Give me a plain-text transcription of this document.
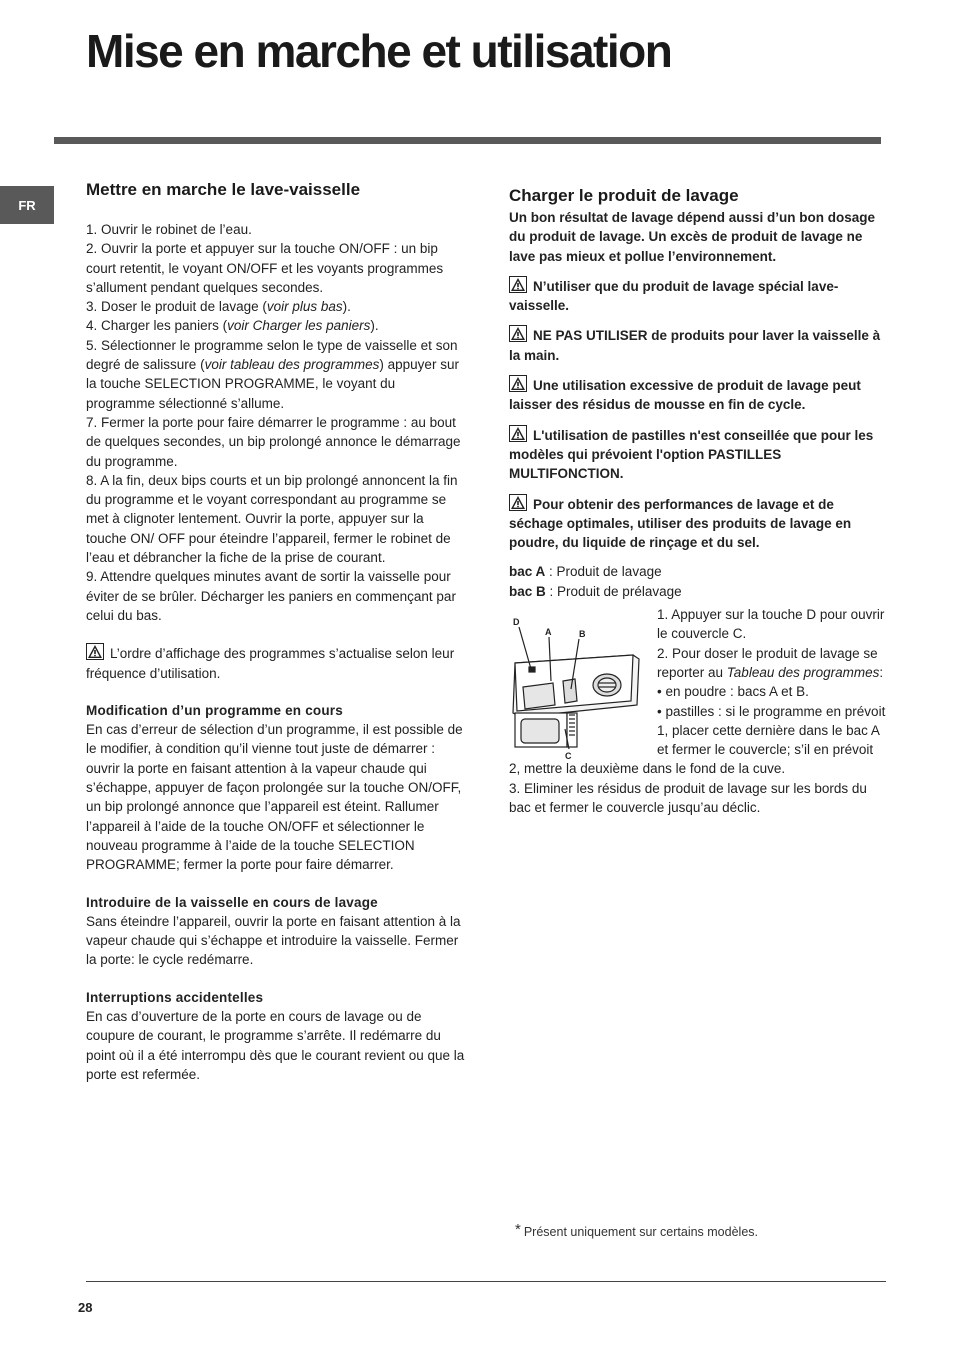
Mise en marche et utilisation
FR
Mettre en marche le lave-vaisselle

1. Ouvrir le robinet de l’eau.

2. Ouvrir la porte et appuyer sur la touche ON/OFF : un bip court retentit, le voyant ON/OFF et les voyants programmes s’allument pendant quelques secondes.

3. Doser le produit de lavage (voir plus bas).

4. Charger les paniers (voir Charger les paniers).

5. Sélectionner le programme selon le type de vaisselle et son degré de salissure (voir tableau des programmes) appuyer sur la touche SELECTION PROGRAMME, le voyant du programme sélectionné s’allume.

7. Fermer la porte pour faire démarrer le programme : au bout de quelques secondes, un bip prolongé annonce le démarrage du programme.

8. A la fin, deux bips courts et un bip prolongé annoncent la fin du programme et le voyant correspondant au programme se met à clignoter lentement. Ouvrir la porte, appuyer sur la touche ON/ OFF pour éteindre l’appareil, fermer le robinet de l’eau et débrancher la fiche de la prise de courant.

9. Attendre quelques minutes avant de sortir la vaisselle pour éviter de se brûler. Décharger les paniers en commençant par celui du bas.

L’ordre d’affichage des programmes s’actualise selon leur fréquence d’utilisation.

Modification d’un programme en cours

En cas d’erreur de sélection d’un programme, il est possible de le modifier, à condition qu’il vienne tout juste de démarrer : ouvrir la porte en faisant attention à la vapeur chaude qui s’échappe, appuyer de façon prolongée sur la touche ON/OFF, un bip prolongé annonce que l’appareil est éteint. Rallumer l’appareil à l’aide de la touche ON/OFF et sélectionner le nouveau programme à l’aide de la touche SELECTION PROGRAMME; fermer la porte pour faire démarrer.

Introduire de la vaisselle en cours de lavage

Sans éteindre l’appareil, ouvrir la porte en faisant attention à la vapeur chaude qui s’échappe et introduire la vaisselle. Fermer la porte: le cycle redémarre.

Interruptions accidentelles

En cas d’ouverture de la porte en cours de lavage ou de coupure de courant, le programme s’arrête. Il redémarre du point où il a été interrompu dès que le courant revient ou que la porte est refermée.

Charger le produit de lavage

Un bon résultat de lavage dépend aussi d’un bon dosage du produit de lavage. Un excès de produit de lavage ne lave pas mieux et pollue l’environnement.

N’utiliser que du produit de lavage spécial lave-vaisselle.

NE PAS UTILISER de produits pour laver la vaisselle à la main.

Une utilisation excessive de produit de lavage peut laisser des résidus de mousse en fin de cycle.

L'utilisation de pastilles n'est conseillée que pour les modèles qui prévoient l'option PASTILLES MULTIFONCTION.

Pour obtenir des performances de lavage et de séchage optimales, utiliser des produits de lavage en poudre, du liquide de rinçage et du sel.

bac A : Produit de lavage

bac B : Produit de prélavage

D
A	B
C

1. Appuyer sur la touche D pour ouvrir le couvercle C.

2. Pour doser le produit de lavage se reporter au Tableau des programmes:

• en poudre : bacs A et B.

• pastilles : si le programme en prévoit 1, placer cette dernière dans le bac A et fermer le couvercle; s’il en prévoit 2, mettre la deuxième dans le fond de la cuve.

3. Eliminer les résidus de produit de lavage sur les bords du bac et fermer le couvercle jusqu’au déclic.

* Présent uniquement sur certains modèles.
28
